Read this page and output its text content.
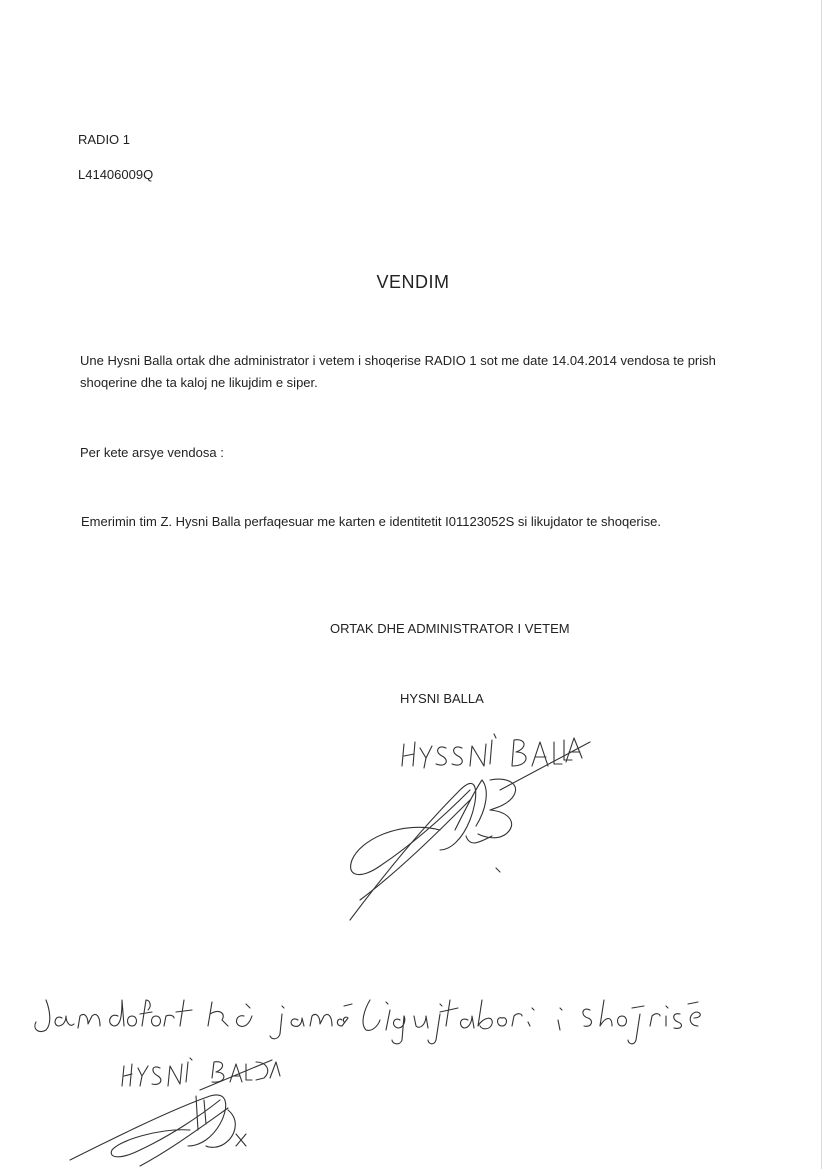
RADIO 1
L41406009Q
VENDIM
Une Hysni Balla ortak dhe administrator i vetem i shoqerise RADIO 1 sot me date 14.04.2014 vendosa te prish shoqerine dhe ta kaloj ne likujdim e siper.
Per kete arsye vendosa :
Emerimin tim Z. Hysni Balla perfaqesuar me karten e identitetit I01123052S si likujdator te shoqerise.
ORTAK DHE ADMINISTRATOR I VETEM
HYSNI BALLA
